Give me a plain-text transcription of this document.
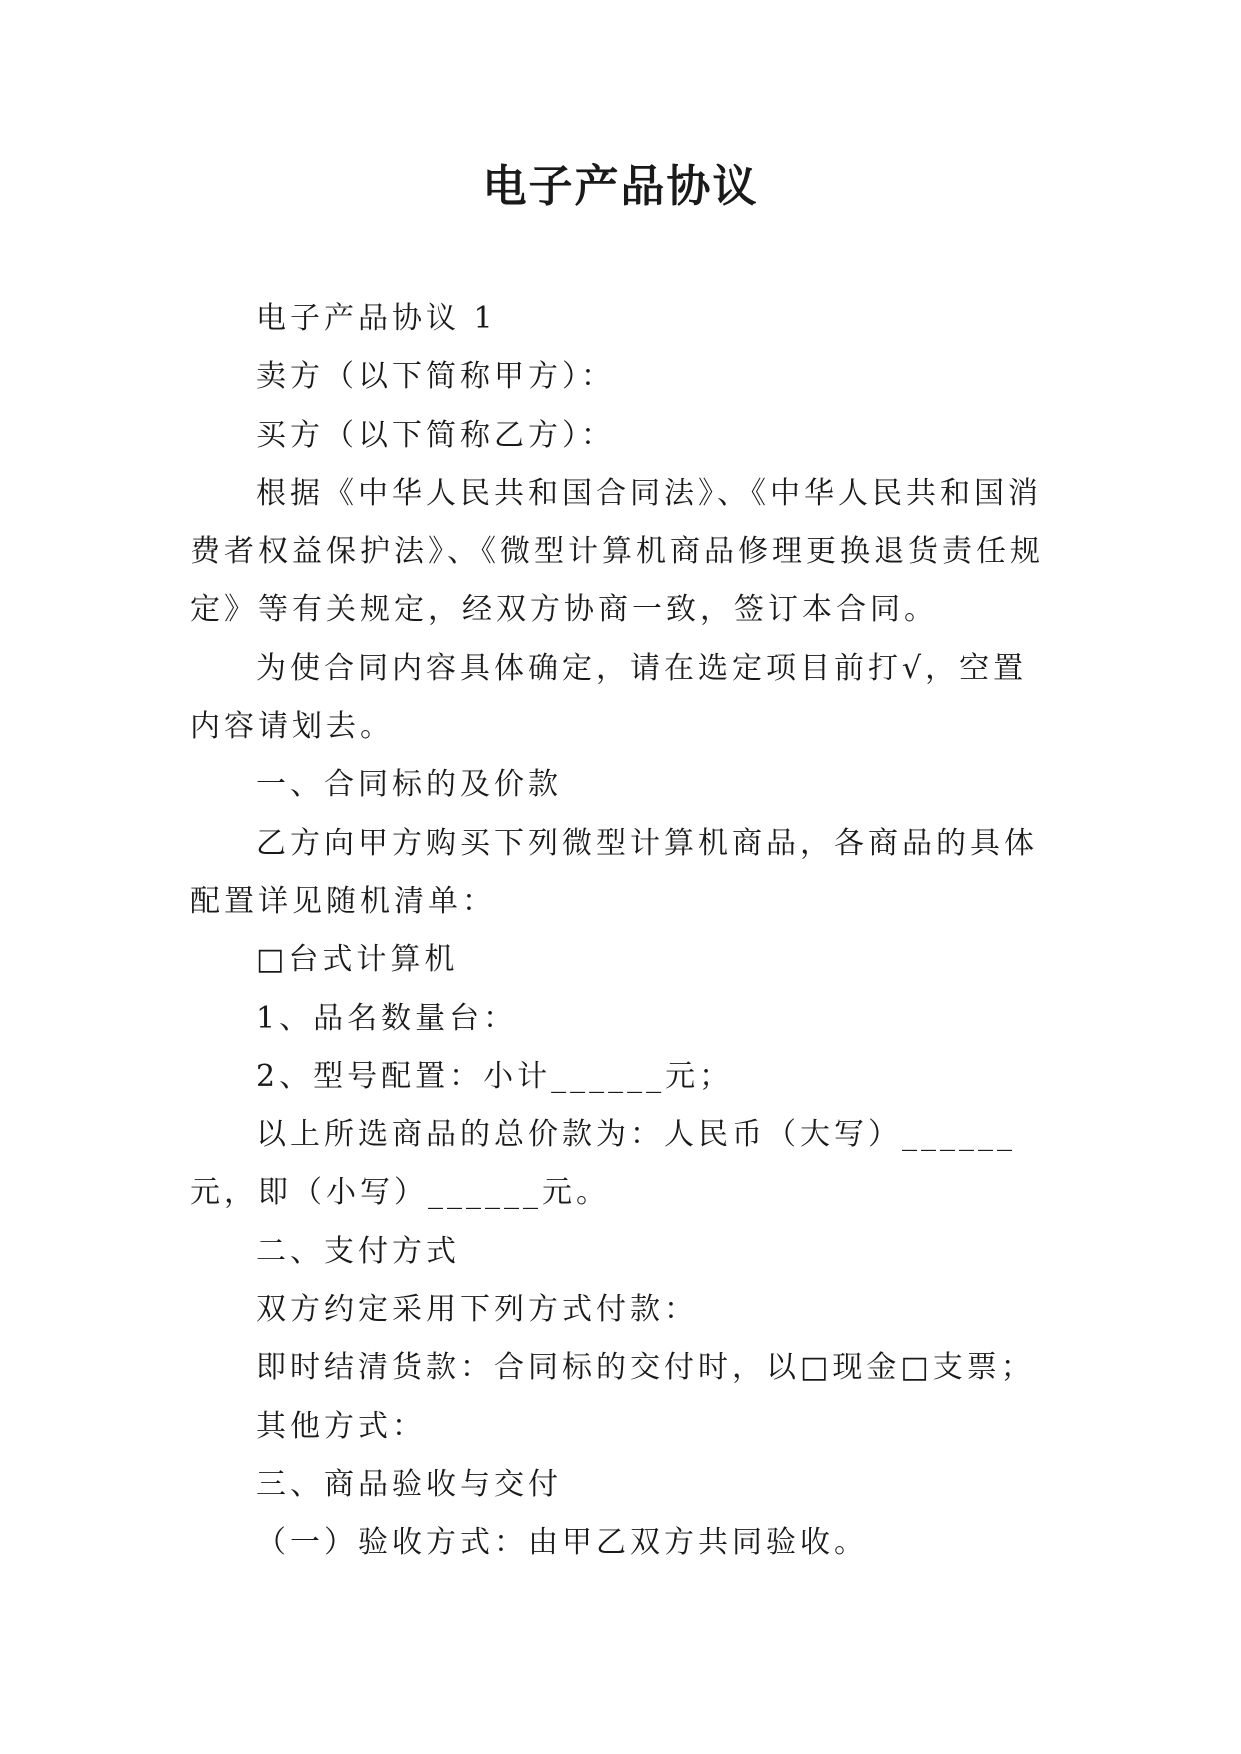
电子产品协议

电子产品协议 1

卖方（以下简称甲方）：

买方（以下简称乙方）：

根据《中华人民共和国合同法》、《中华人民共和国消费者权益保护法》、《微型计算机商品修理更换退货责任规定》等有关规定，经双方协商一致，签订本合同。

为使合同内容具体确定，请在选定项目前打√，空置内容请划去。

一、合同标的及价款

乙方向甲方购买下列微型计算机商品，各商品的具体配置详见随机清单：

□台式计算机

1、品名数量台：

2、型号配置：小计______元；

以上所选商品的总价款为：人民币（大写）______元，即（小写）______元。

二、支付方式

双方约定采用下列方式付款：

即时结清货款：合同标的交付时，以□现金□支票；

其他方式：

三、商品验收与交付

（一）验收方式：由甲乙双方共同验收。
